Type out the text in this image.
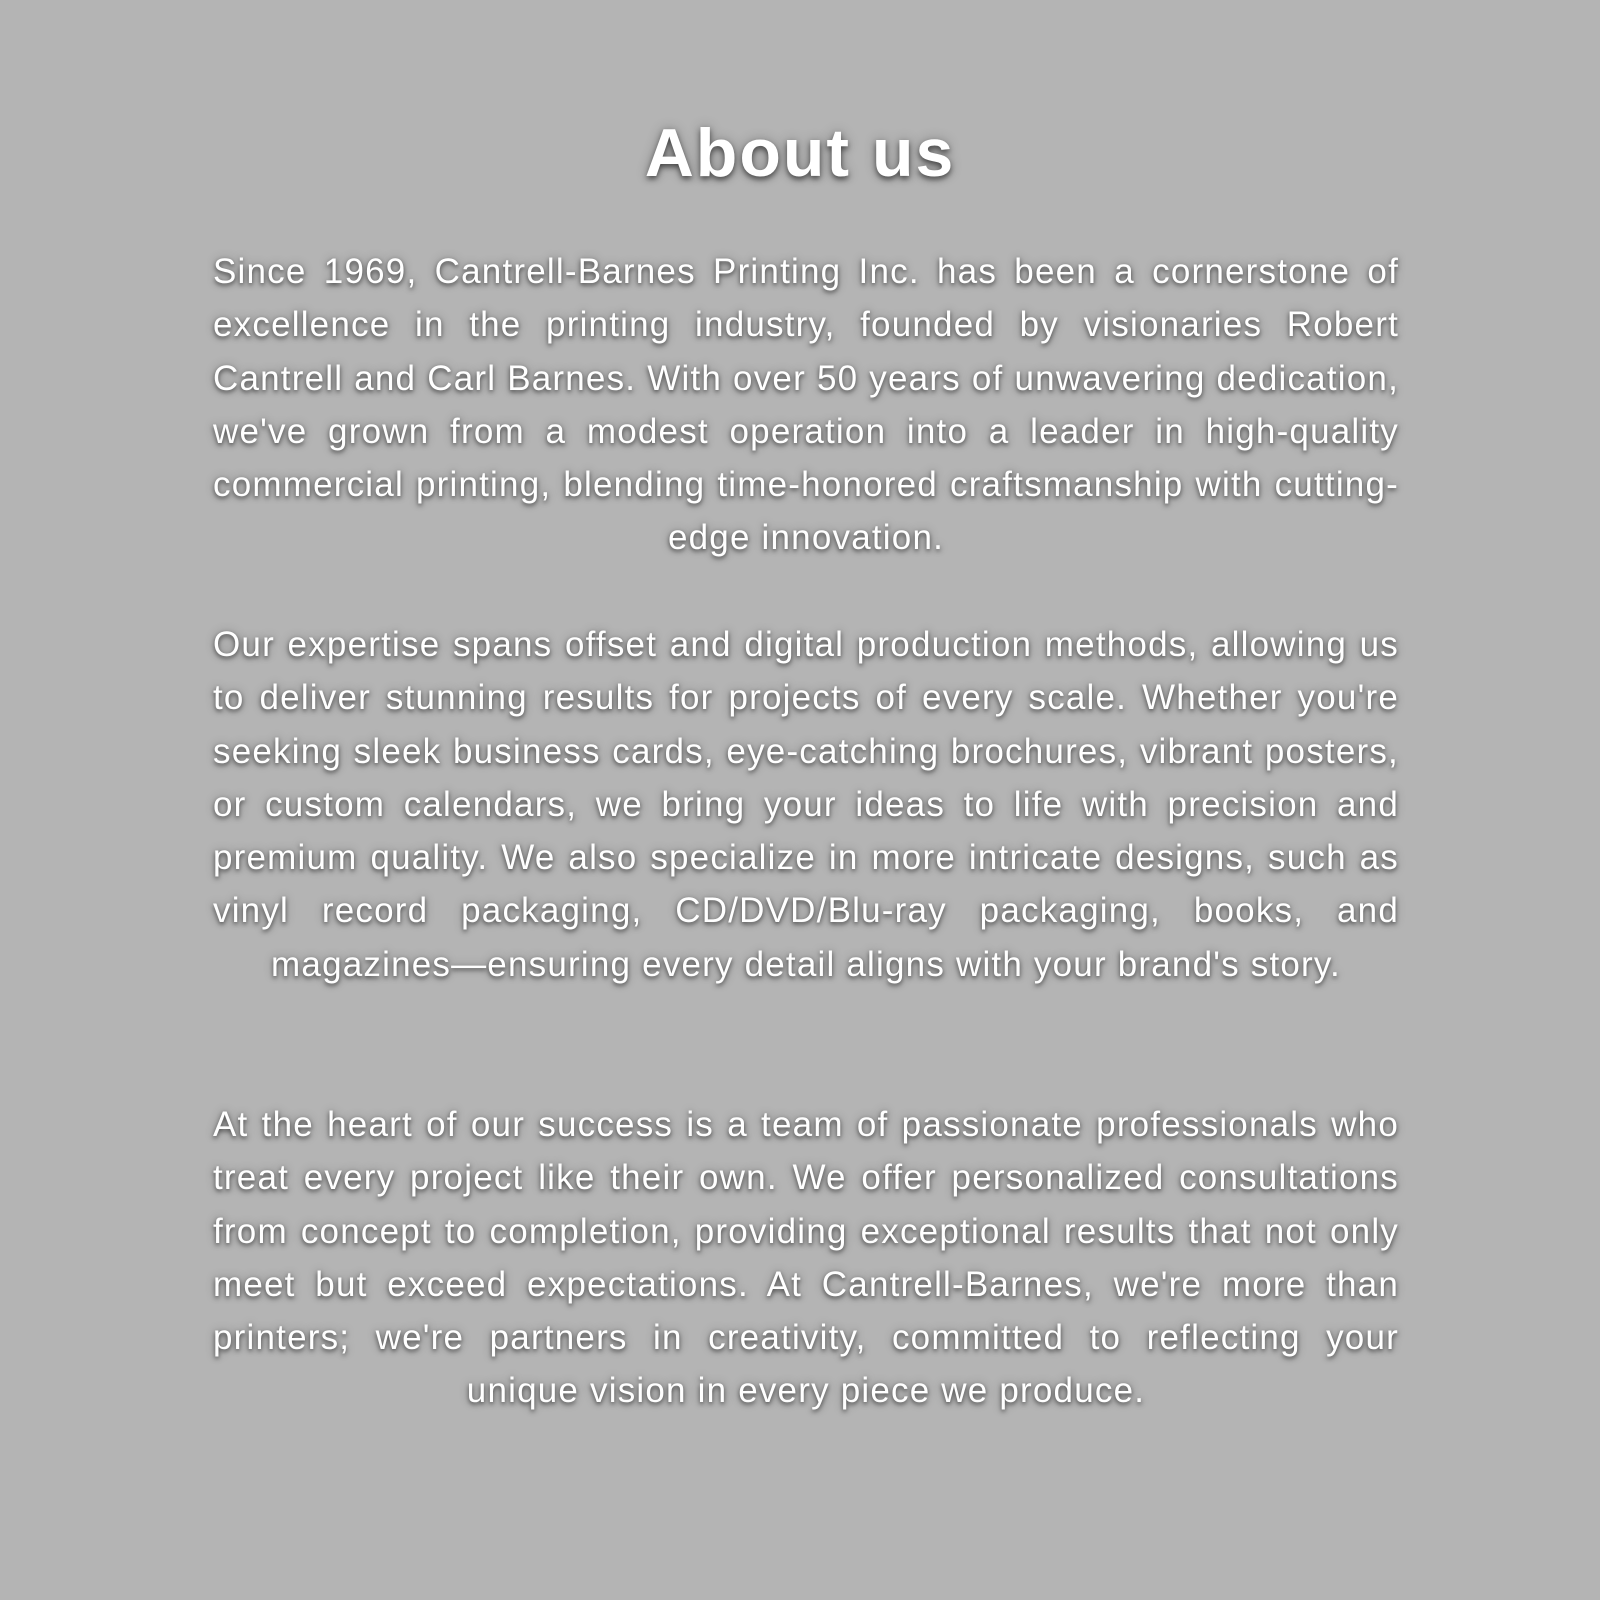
About us

Since 1969, Cantrell-Barnes Printing Inc. has been a cornerstone of excellence in the printing industry, founded by visionaries Robert Cantrell and Carl Barnes. With over 50 years of unwavering dedication, we've grown from a modest operation into a leader in high-quality commercial printing, blending time-honored craftsmanship with cutting-edge innovation.

Our expertise spans offset and digital production methods, allowing us to deliver stunning results for projects of every scale. Whether you're seeking sleek business cards, eye-catching brochures, vibrant posters, or custom calendars, we bring your ideas to life with precision and premium quality. We also specialize in more intricate designs, such as vinyl record packaging, CD/DVD/Blu-ray packaging, books, and magazines—ensuring every detail aligns with your brand's story.

At the heart of our success is a team of passionate professionals who treat every project like their own. We offer personalized consultations from concept to completion, providing exceptional results that not only meet but exceed expectations. At Cantrell-Barnes, we're more than printers; we're partners in creativity, committed to reflecting your unique vision in every piece we produce.
